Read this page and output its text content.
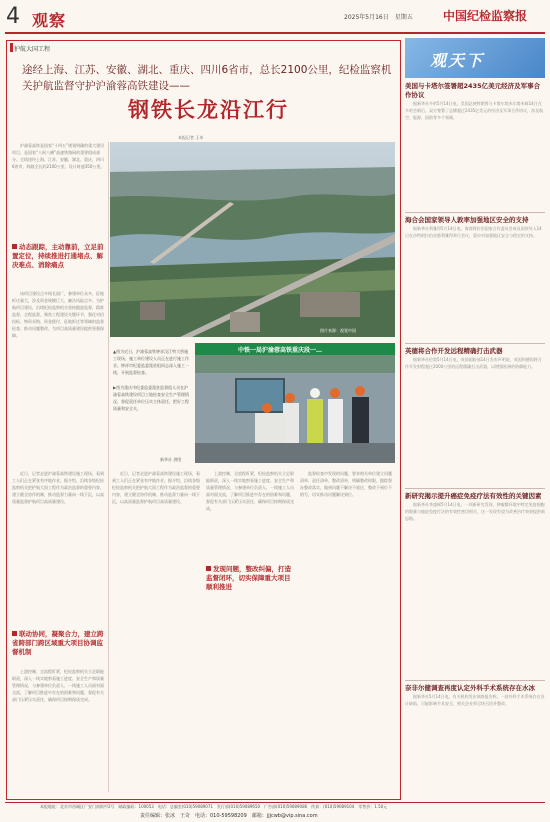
4 观察	2025年5月16日　星期五	中国纪检监察报
护航大国工程
途经上海、江苏、安徽、湖北、重庆、四川6省市，总长2100公里，纪检监察机关护航监督守护沪渝蓉高铁建设——
钢铁长龙沿江行
本报记者 王卓
图片来源：视觉中国
中铁一局沪渝蓉高铁重庆段一…
▲图为近日，沪渝蓉高铁钟祥汉江特大桥施工现场，施工单位建设人员正在进行施工作业。钟祥市纪委监委派驻组同志深入施工一线，开展监督检查。
▶图为重庆市纪委监委派驻监督组人员在沪渝蓉高铁建设项目工地检查安全生产管理情况，督促责任单位压实主体责任，把好工程质量和安全关。
新华社 供图
沪渝蓉高铁是国家“十四五”规划明确的重大建设项目，是国家“八纵八横”高速铁路网的重要组成部分。全线途经上海、江苏、安徽、湖北、重庆、四川6省市，线路全长约2100公里，设计时速350公里。
动态跟踪，主动靠前，立足前置定位，持续推进打通堵点、解决难点、消除痛点
该项目建设点多线长面广，参建单位众多，征地拆迁量大，涉及资金规模巨大，廉洁风险点多。为护航项目建设，沿线纪检监察机关坚持跟进监督、精准监督、全程监督，聚焦工程建设关键环节，强化对招投标、物资采购、资金拨付、征地拆迁等领域的监督检查，推动问题整改，为项目高质量建设提供坚强保障。
近日，记者走进沪渝蓉高铁建设施工现场，看到工人们正在紧张有序地作业。据介绍，沿线各级纪检监察机关把护航大国工程作为政治监督的重要内容，建立健全协作机制，推动监督力量向一线下沉，以高质量监督护航项目高质量建设。
联动协同，凝聚合力，建立跨省跨部门跨区域重大项目协调监督机制
上游控制，全流程盯紧，纪检监察机关立足职能职责，深入一线实地察看施工进度、安全生产和质量管理情况，与参建单位负责人、一线施工人员面对面交流，了解项目推进中存在的困难和问题，督促有关部门压紧压实责任，确保项目按期保质完成。
近日，记者走进沪渝蓉高铁建设施工现场，看到工人们正在紧张有序地作业。据介绍，沿线各级纪检监察机关把护航大国工程作为政治监督的重要内容，建立健全协作机制，推动监督力量向一线下沉，以高质量监督护航项目高质量建设。
上游控制，全流程盯紧，纪检监察机关立足职能职责，深入一线实地察看施工进度、安全生产和质量管理情况，与参建单位负责人、一线施工人员面对面交流，了解项目推进中存在的困难和问题，督促有关部门压紧压实责任，确保项目按期保质完成。
发现问题，整改纠偏，打造监督闭环，切实保障重大项目顺利推进
监督检查中发现的问题，要求相关单位建立问题清单、责任清单、整改清单，明确整改时限，跟踪督办整改落实，做到问题不解决不放过、整改不到位不销号，切实推动问题解决到位。
观天下
美国与卡塔尔签署超2435亿美元经济及军事合作协议
据新华社多哈5月14日电，美国总统特朗普与卡塔尔埃米尔塔米姆14日在多哈会晤后，双方签署了总额超过2435亿美元的经济及军事合作协议，涉及航空、能源、国防等多个领域。
海合会国家领导人敦率加强地区安全的支持
据新华社利雅得5月14日电，海湾阿拉伯国家合作委员会成员国领导人14日在沙特阿拉伯首都利雅得举行会议，重申对加强地区安全与稳定的支持。
英德将合作开发远程精确打击武器
据新华社伦敦5月14日电，英国国防部14日发布声明说，英国和德国将合作开发射程超过2000公里的远程精确打击武器，以增强欧洲的防御能力。
新研究揭示提升癌症免疫疗法有效性的关键因素
据新华社华盛顿5月14日电，一项新研究发现，肿瘤微环境中特定免疫细胞的数量与癌症免疫疗法的有效性密切相关，这一发现有望为改善治疗效果提供新思路。
奈非尔健调查再度认定外科手术系统存在水冰
据新华社5月14日电，有关机构发布调查报告称，一款外科手术系统存在设计缺陷，可能影响手术安全，相关企业须尽快召回并整改。
本报地址：北京市西城区广安门南街甲2号　邮政编码：100053　电话：总编室(010)59089071　发行部(010)59089650　广告部(010)59089086　传真：(010)59089104　零售价：1.50元
责任编辑：张冰　王奇　电话：010-59598209　邮箱：jjjcwb@vip.sina.com
